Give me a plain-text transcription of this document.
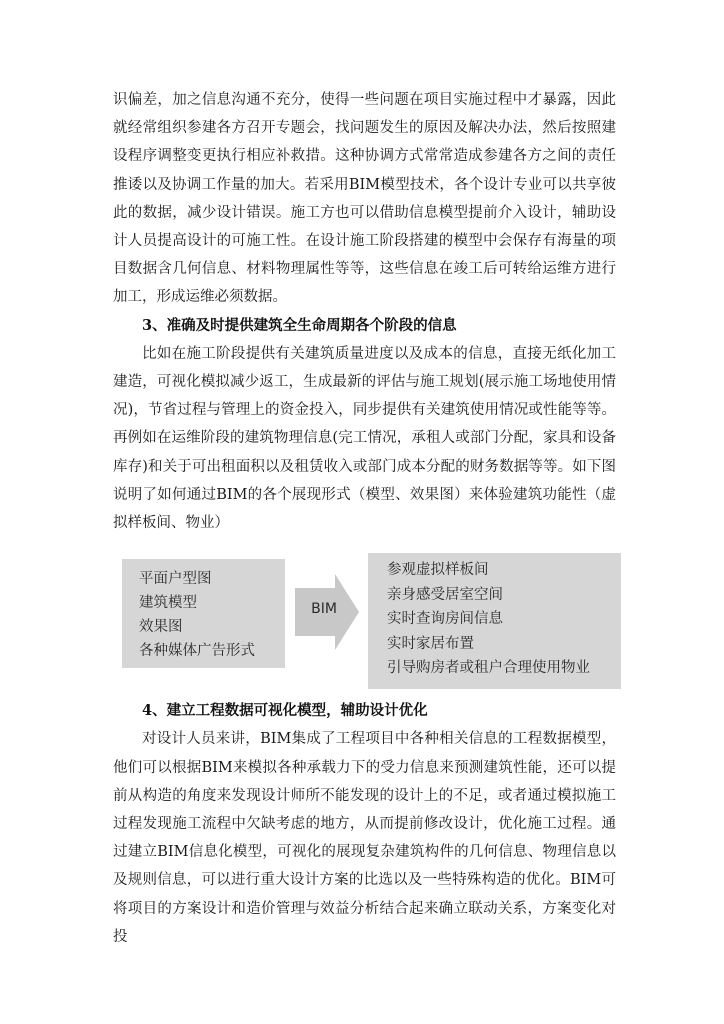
识偏差，加之信息沟通不充分，使得一些问题在项目实施过程中才暴露，因此就经常组织参建各方召开专题会，找问题发生的原因及解决办法，然后按照建设程序调整变更执行相应补救措。这种协调方式常常造成参建各方之间的责任推诿以及协调工作量的加大。若采用BIM模型技术，各个设计专业可以共享彼此的数据，减少设计错误。施工方也可以借助信息模型提前介入设计，辅助设计人员提高设计的可施工性。在设计施工阶段搭建的模型中会保存有海量的项目数据含几何信息、材料物理属性等等，这些信息在竣工后可转给运维方进行加工，形成运维必须数据。

3、准确及时提供建筑全生命周期各个阶段的信息

比如在施工阶段提供有关建筑质量进度以及成本的信息，直接无纸化加工建造，可视化模拟减少返工，生成最新的评估与施工规划(展示施工场地使用情况)，节省过程与管理上的资金投入，同步提供有关建筑使用情况或性能等等。再例如在运维阶段的建筑物理信息(完工情况，承租人或部门分配，家具和设备库存)和关于可出租面积以及租赁收入或部门成本分配的财务数据等等。如下图说明了如何通过BIM的各个展现形式（模型、效果图）来体验建筑功能性（虚拟样板间、物业）

平面户型图

建筑模型

效果图

各种媒体广告形式

BIM

参观虚拟样板间

亲身感受居室空间

实时查询房间信息

实时家居布置

引导购房者或租户合理使用物业

4、建立工程数据可视化模型，辅助设计优化

对设计人员来讲，BIM集成了工程项目中各种相关信息的工程数据模型，他们可以根据BIM来模拟各种承载力下的受力信息来预测建筑性能，还可以提前从构造的角度来发现设计师所不能发现的设计上的不足，或者通过模拟施工过程发现施工流程中欠缺考虑的地方，从而提前修改设计，优化施工过程。通过建立BIM信息化模型，可视化的展现复杂建筑构件的几何信息、物理信息以及规则信息，可以进行重大设计方案的比选以及一些特殊构造的优化。BIM可将项目的方案设计和造价管理与效益分析结合起来确立联动关系，方案变化对投
